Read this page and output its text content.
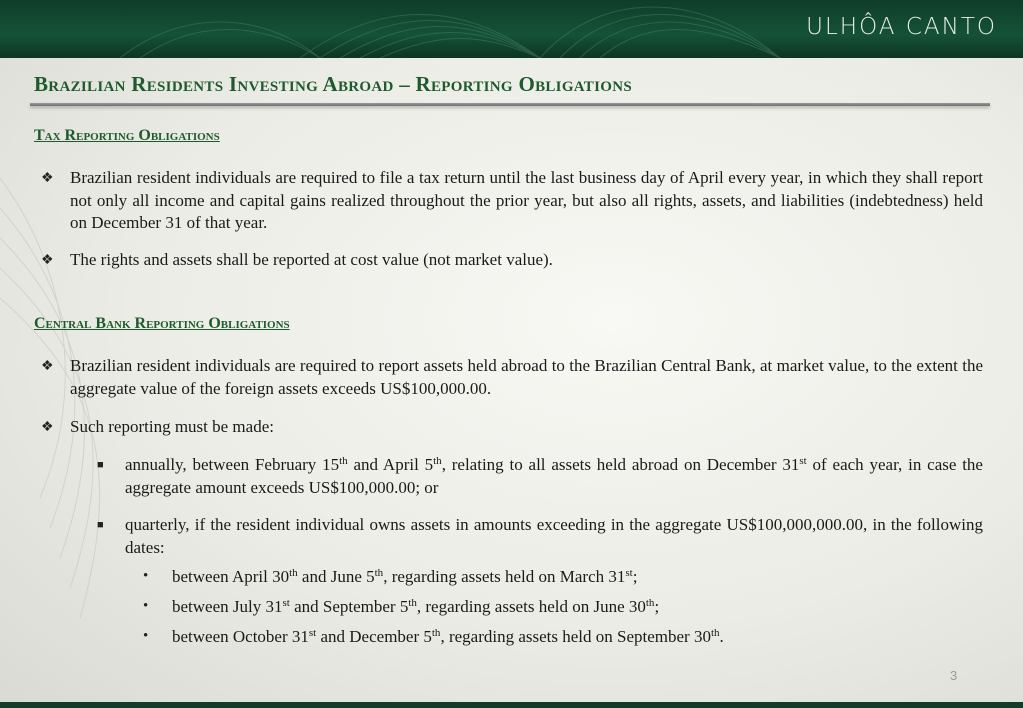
ULHÔA CANTO
Brazilian Residents Investing Abroad – Reporting Obligations
Tax Reporting Obligations
❖ Brazilian resident individuals are required to file a tax return until the last business day of April every year, in which they shall report not only all income and capital gains realized throughout the prior year, but also all rights, assets, and liabilities (indebtedness) held on December 31 of that year.
❖ The rights and assets shall be reported at cost value (not market value).
Central Bank Reporting Obligations
❖ Brazilian resident individuals are required to report assets held abroad to the Brazilian Central Bank, at market value, to the extent the aggregate value of the foreign assets exceeds US$100,000.00.
❖ Such reporting must be made:
■ annually, between February 15th and April 5th, relating to all assets held abroad on December 31st of each year, in case the aggregate amount exceeds US$100,000.00; or
■ quarterly, if the resident individual owns assets in amounts exceeding in the aggregate US$100,000,000.00, in the following dates:
• between April 30th and June 5th, regarding assets held on March 31st;
• between July 31st and September 5th, regarding assets held on June 30th;
• between October 31st and December 5th, regarding assets held on September 30th.
3
